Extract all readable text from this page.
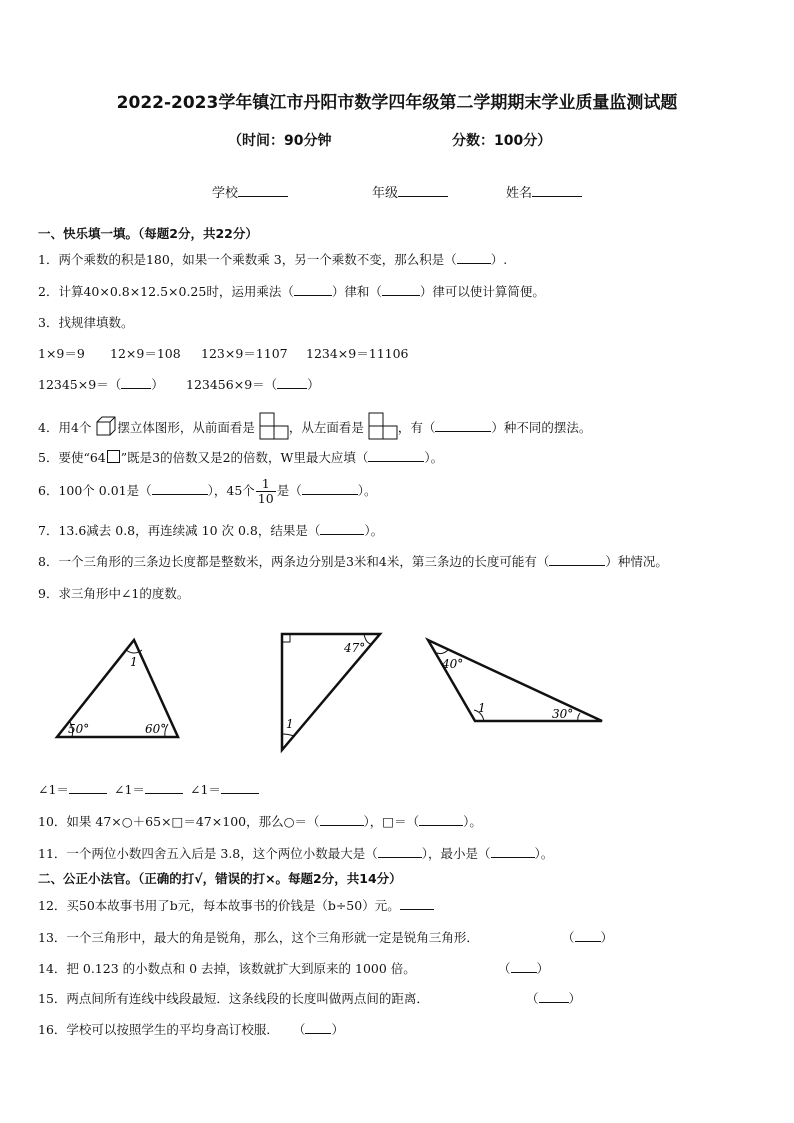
2022-2023学年镇江市丹阳市数学四年级第二学期期末学业质量监测试题
（时间：90分钟	分数：100分）
学校	年级	姓名
一、快乐填一填。（每题2分，共22分）
1．两个乘数的积是180，如果一个乘数乘 3，另一个乘数不变，那么积是（	）.
2．计算40×0.8×12.5×0.25时，运用乘法（	）律和（	）律可以使计算简便。
3．找规律填数。
1×9＝9 12×9＝108 123×9＝1107 1234×9＝11106
12345×9＝（ ） 123456×9＝（ ）
4．用4个 摆立体图形，从前面看是	，从左面看是	，有（	）种不同的摆法。
5．要使“64 ”既是3的倍数又是2的倍数，W里最大应填（	）。
6．100个 0.01是（	），45个 $\frac{1}{10}$ 是（	）。
7．13.6减去 0.8，再连续减 10 次 0.8，结果是（	）。
8．一个三角形的三条边长度都是整数米，两条边分别是3米和4米，第三条边的长度可能有（	）种情况。
9．求三角形中∠1的度数。
1
50°	60°
47°
1
40°
1	30°
∠1＝	∠1＝	∠1＝
10．如果 47×○＋65×□＝47×100，那么○＝（	），□＝（	）。
11．一个两位小数四舍五入后是 3.8，这个两位小数最大是（	），最小是（	）。
二、公正小法官。（正确的打√，错误的打×。每题2分，共14分）
12．买50本故事书用了b元，每本故事书的价钱是（b÷50）元。
13．一个三角形中，最大的角是锐角，那么，这个三角形就一定是锐角三角形．	（ ）
14．把 0.123 的小数点和 0 去掉，该数就扩大到原来的 1000 倍。	（ ）
15．两点间所有连线中线段最短．这条线段的长度叫做两点间的距离．	（ ）
16．学校可以按照学生的平均身高订校服． （ ）
